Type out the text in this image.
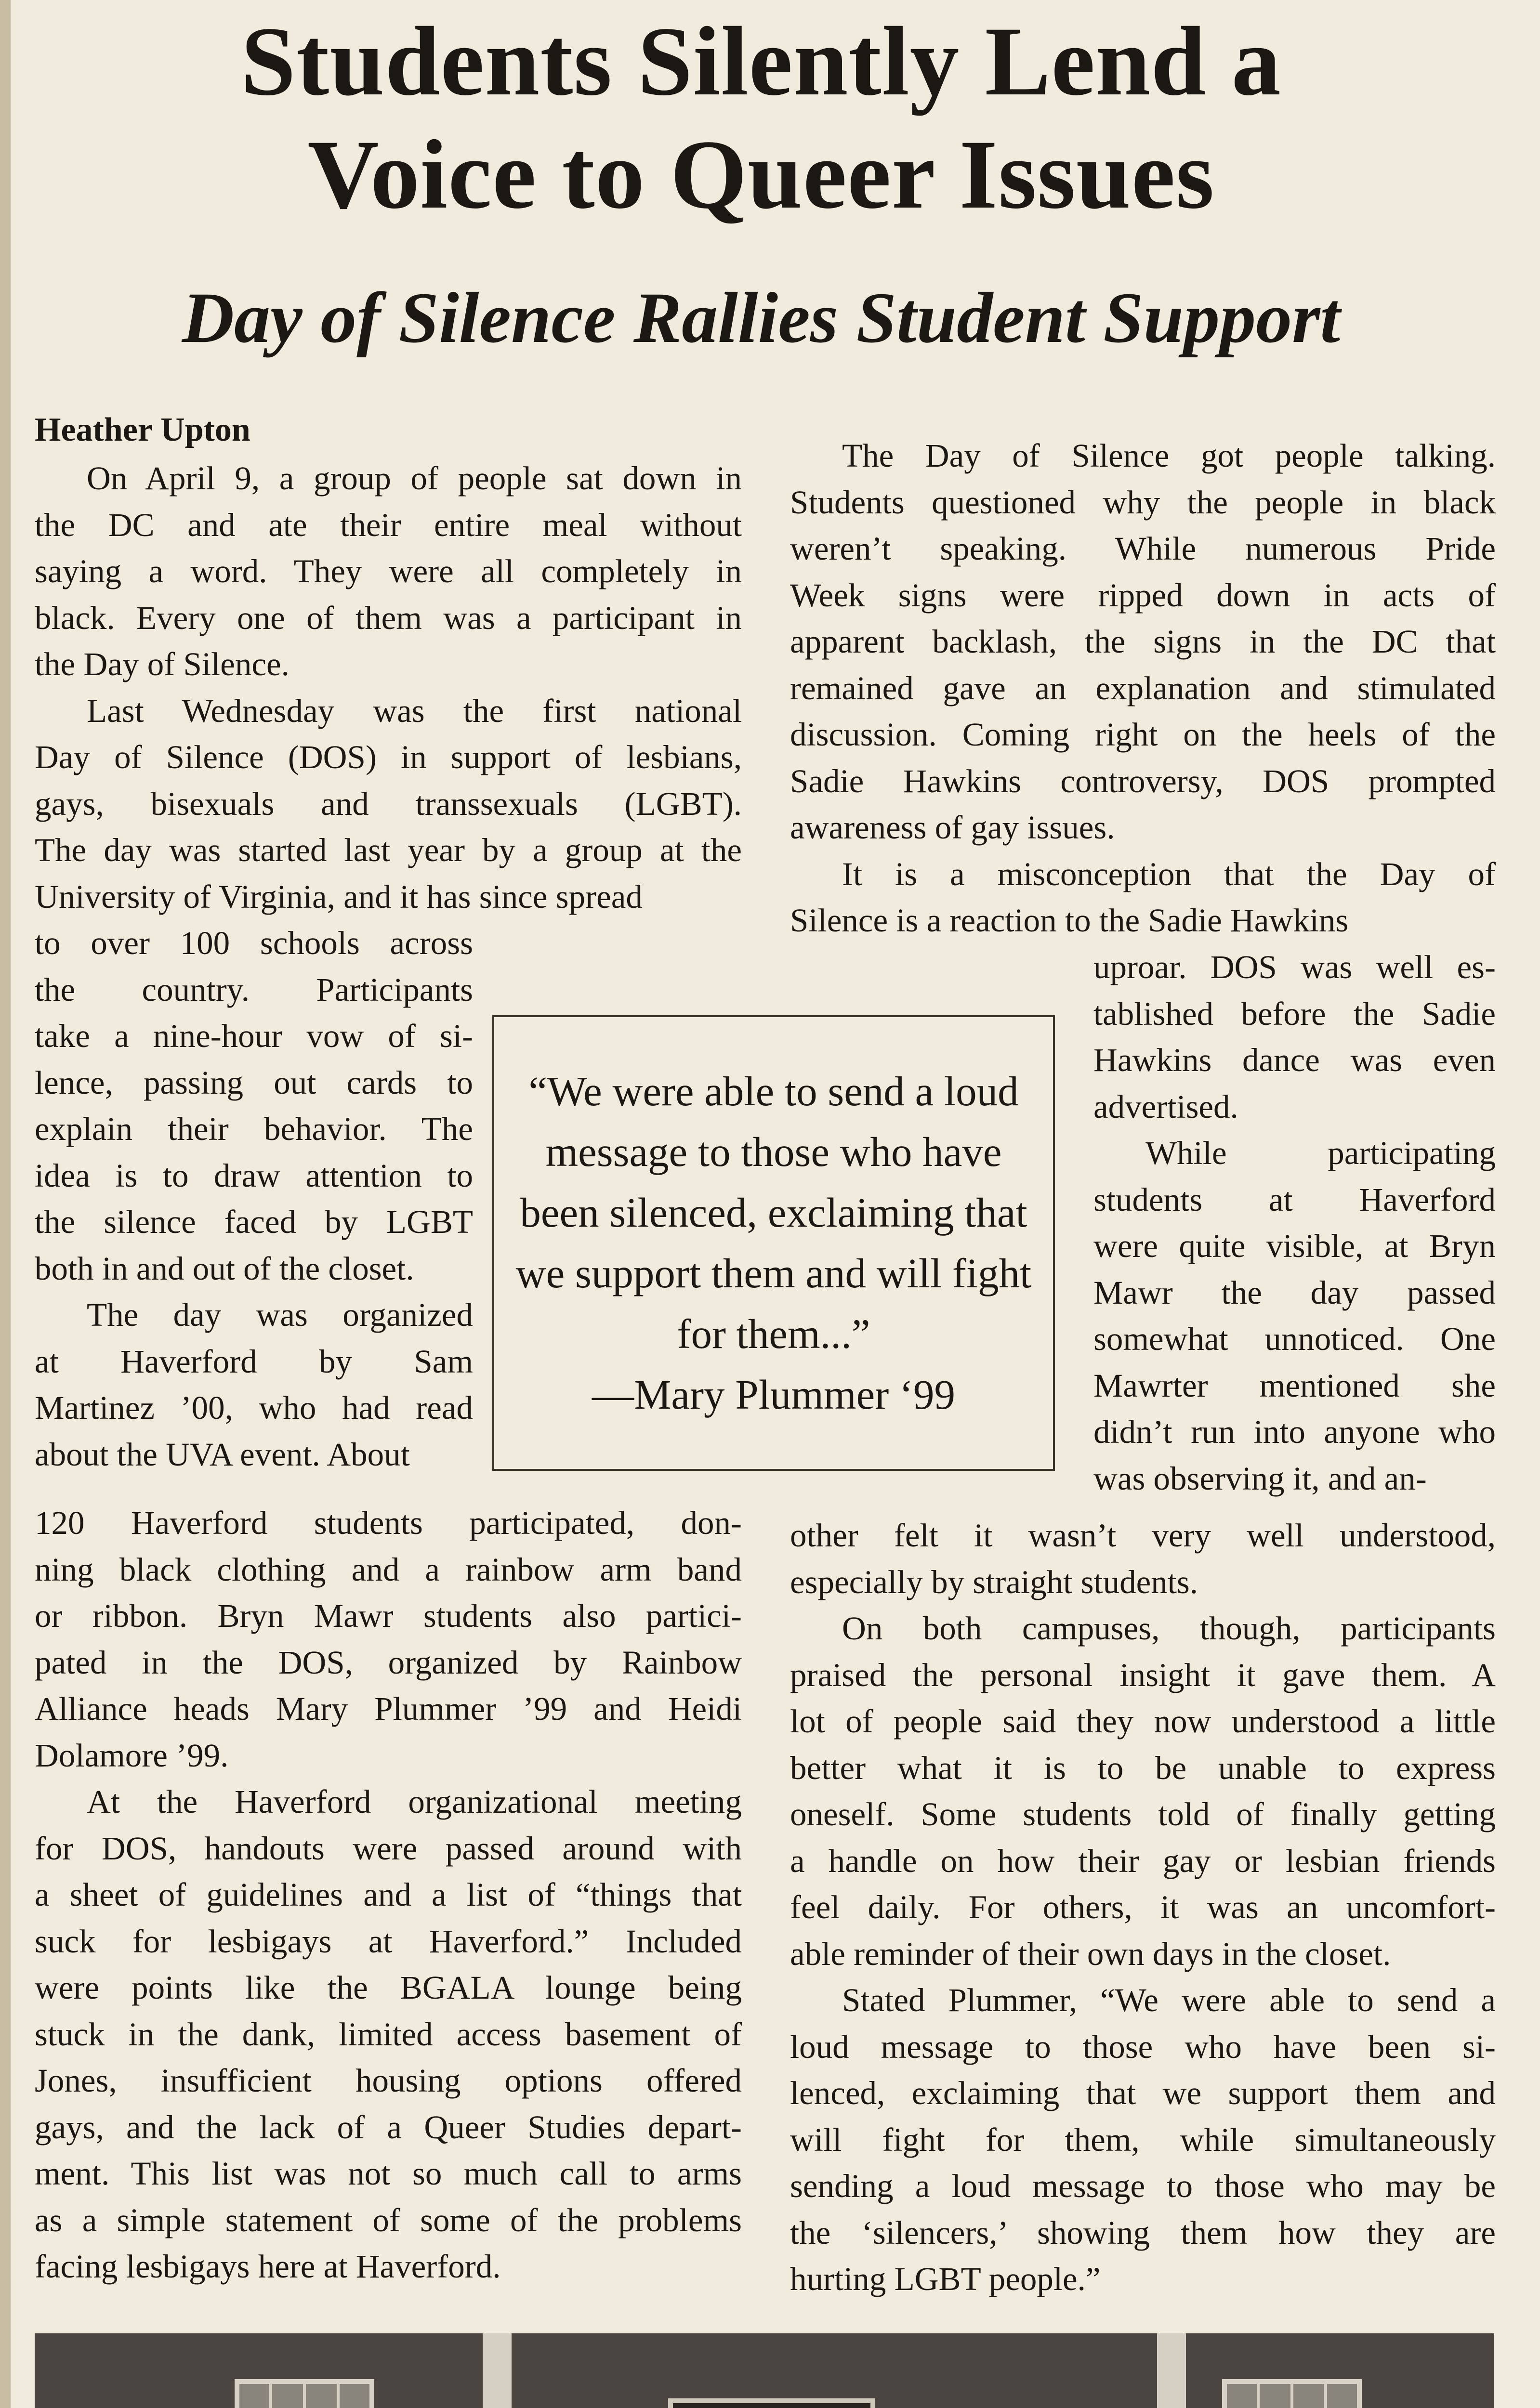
Students Silently Lend a
Voice to Queer Issues
Day of Silence Rallies Student Support

Heather Upton

On April 9, a group of people sat down in
the DC and ate their entire meal without
saying a word. They were all completely in
black. Every one of them was a participant in
the Day of Silence.

Last Wednesday was the first national
Day of Silence (DOS) in support of lesbians,
gays, bisexuals and transsexuals (LGBT).
The day was started last year by a group at the
University of Virginia, and it has since spread

to over 100 schools across
the country. Participants
take a nine-hour vow of si-
lence, passing out cards to
explain their behavior. The
idea is to draw attention to
the silence faced by LGBT
both in and out of the closet.

The day was organized
at Haverford by Sam
Martinez ’00, who had read
about the UVA event. About

120 Haverford students participated, don-
ning black clothing and a rainbow arm band
or ribbon. Bryn Mawr students also partici-
pated in the DOS, organized by Rainbow
Alliance heads Mary Plummer ’99 and Heidi
Dolamore ’99.

At the Haverford organizational meeting
for DOS, handouts were passed around with
a sheet of guidelines and a list of “things that
suck for lesbigays at Haverford.” Included
were points like the BGALA lounge being
stuck in the dank, limited access basement of
Jones, insufficient housing options offered
gays, and the lack of a Queer Studies depart-
ment. This list was not so much call to arms
as a simple statement of some of the problems
facing lesbigays here at Haverford.

“We were able to send a loud message to those who have been silenced, exclaiming that we support them and will fight for them...”

—Mary Plummer ‘99

The Day of Silence got people talking.
Students questioned why the people in black
weren’t speaking. While numerous Pride
Week signs were ripped down in acts of
apparent backlash, the signs in the DC that
remained gave an explanation and stimulated
discussion. Coming right on the heels of the
Sadie Hawkins controversy, DOS prompted
awareness of gay issues.

It is a misconception that the Day of
Silence is a reaction to the Sadie Hawkins

uproar. DOS was well es-
tablished before the Sadie
Hawkins dance was even
advertised.

While participating
students at Haverford
were quite visible, at Bryn
Mawr the day passed
somewhat unnoticed. One
Mawrter mentioned she
didn’t run into anyone who
was observing it, and an-

other felt it wasn’t very well understood,
especially by straight students.

On both campuses, though, participants
praised the personal insight it gave them. A
lot of people said they now understood a little
better what it is to be unable to express
oneself. Some students told of finally getting
a handle on how their gay or lesbian friends
feel daily. For others, it was an uncomfort-
able reminder of their own days in the closet.

Stated Plummer, “We were able to send a
loud message to those who have been si-
lenced, exclaiming that we support them and
will fight for them, while simultaneously
sending a loud message to those who may be
the ‘silencers,’ showing them how they are
hurting LGBT people.”
